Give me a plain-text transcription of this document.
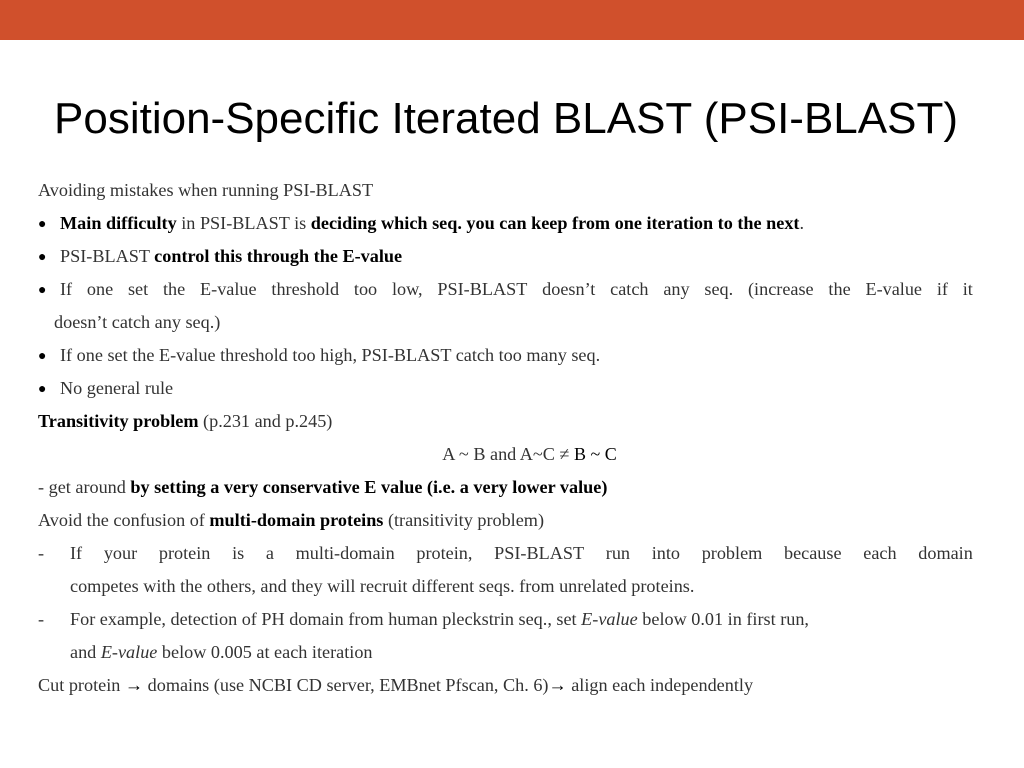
Position-Specific Iterated BLAST (PSI-BLAST)
Avoiding mistakes when running PSI-BLAST
● Main difficulty in PSI-BLAST is deciding which seq. you can keep from one iteration to the next.
● PSI-BLAST control this through the E-value
● If one set the E-value threshold too low, PSI-BLAST doesn’t catch any seq. (increase the E-value if it
doesn’t catch any seq.)
● If one set the E-value threshold too high, PSI-BLAST catch too many seq.
● No general rule
Transitivity problem (p.231 and p.245)
A ~ B and A~C ≠ B ~ C
- get around by setting a very conservative E value (i.e. a very lower value)
Avoid the confusion of multi-domain proteins (transitivity problem)
-	If your protein is a multi-domain protein, PSI-BLAST run into problem because each domain
competes with the others, and they will recruit different seqs. from unrelated proteins.
-	For example, detection of PH domain from human pleckstrin seq., set E-value below 0.01 in first run,
and E-value below 0.005 at each iteration
Cut protein → domains (use NCBI CD server, EMBnet Pfscan, Ch. 6)→ align each independently
